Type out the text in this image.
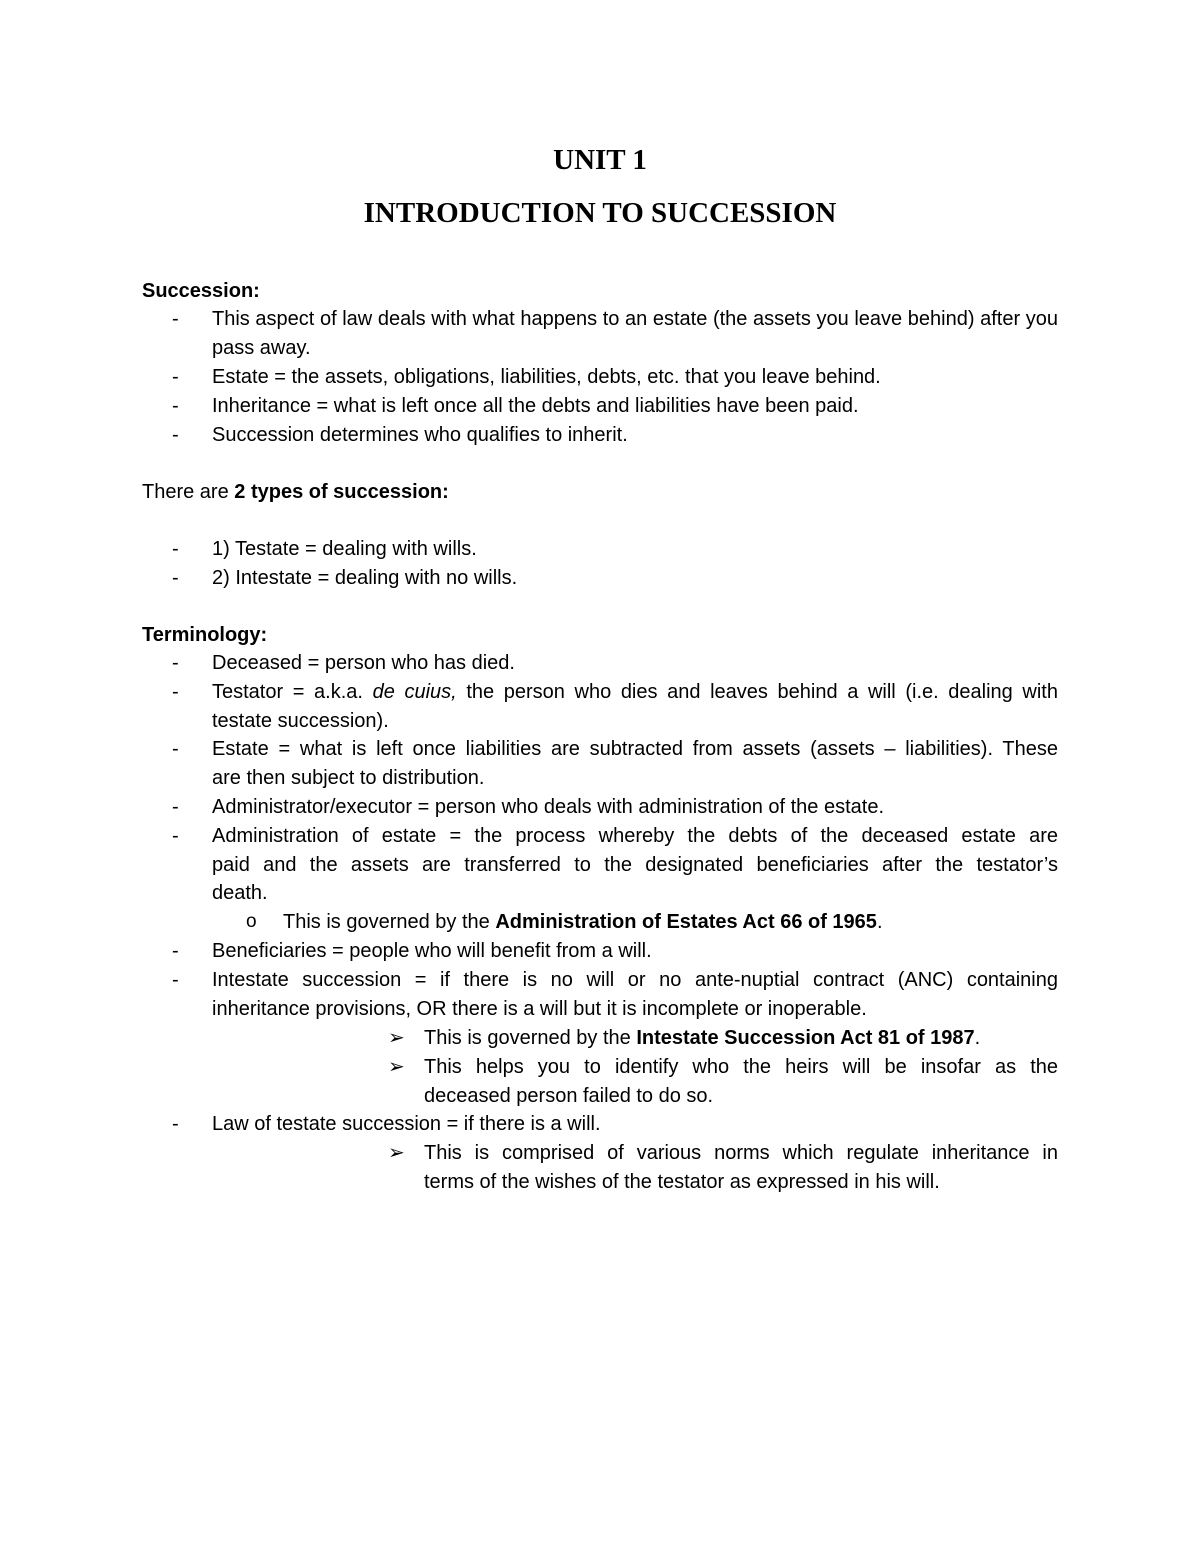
UNIT 1
INTRODUCTION TO SUCCESSION

Succession:

- This aspect of law deals with what happens to an estate (the assets you leave behind) after you pass away.
- Estate = the assets, obligations, liabilities, debts, etc. that you leave behind.
- Inheritance = what is left once all the debts and liabilities have been paid.
- Succession determines who qualifies to inherit.

There are 2 types of succession:

- 1) Testate = dealing with wills.
- 2) Intestate = dealing with no wills.

Terminology:

- Deceased = person who has died.
- Testator = a.k.a. de cuius, the person who dies and leaves behind a will (i.e. dealing with
testate succession).
- Estate = what is left once liabilities are subtracted from assets (assets – liabilities). These
are then subject to distribution.
- Administrator/executor = person who deals with administration of the estate.
- Administration of estate = the process whereby the debts of the deceased estate are
paid and the assets are transferred to the designated beneficiaries after the testator’s
death.
o This is governed by the Administration of Estates Act 66 of 1965.
- Beneficiaries = people who will benefit from a will.
- Intestate succession = if there is no will or no ante-nuptial contract (ANC) containing
inheritance provisions, OR there is a will but it is incomplete or inoperable.
➢ This is governed by the Intestate Succession Act 81 of 1987.
➢ This helps you to identify who the heirs will be insofar as the
deceased person failed to do so.
- Law of testate succession = if there is a will.
➢ This is comprised of various norms which regulate inheritance in
terms of the wishes of the testator as expressed in his will.
